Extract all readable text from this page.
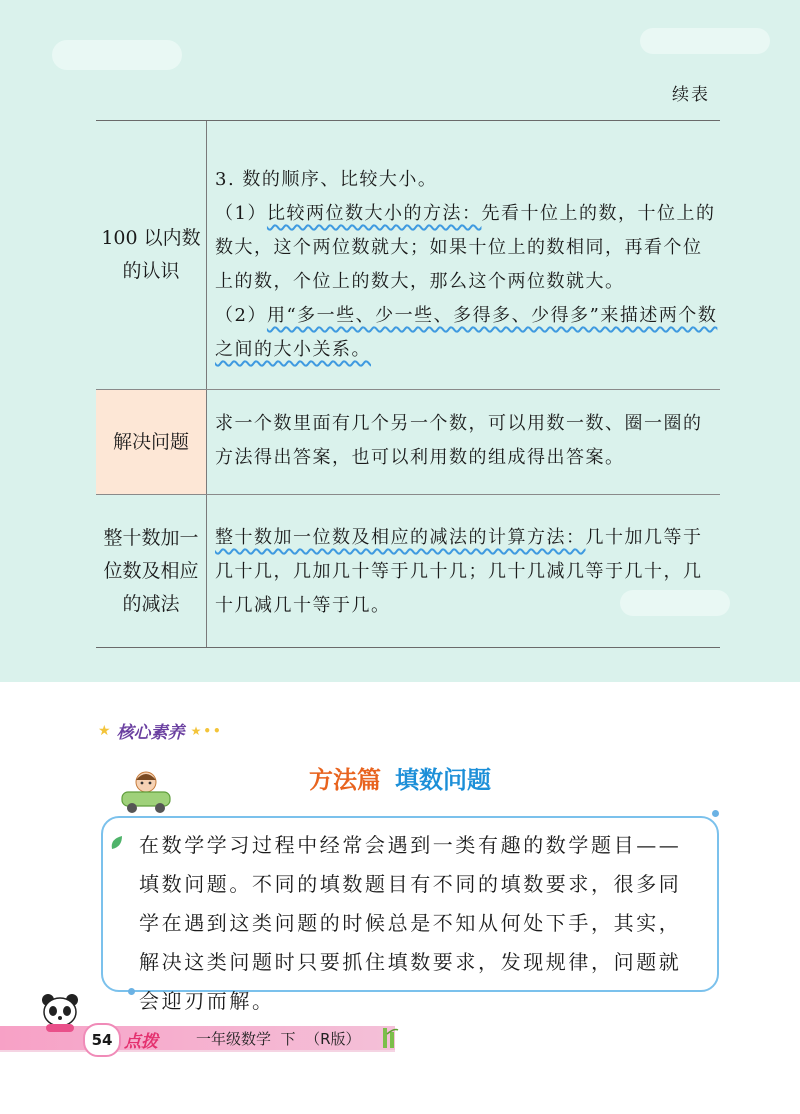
续表
100 以内数
的认识
3. 数的顺序、比较大小。
（1）比较两位数大小的方法：先看十位上的数，十位上的数大，这个两位数就大；如果十位上的数相同，再看个位上的数，个位上的数大，那么这个两位数就大。
（2）用“多一些、少一些、多得多、少得多”来描述两个数之间的大小关系。
解决问题
求一个数里面有几个另一个数，可以用数一数、圈一圈的方法得出答案，也可以利用数的组成得出答案。
整十数加一
位数及相应
的减法
整十数加一位数及相应的减法的计算方法：几十加几等于几十几，几加几十等于几十几；几十几减几等于几十，几十几减几十等于几。
★ 核心素养 ★••
方法篇 填数问题
在数学学习过程中经常会遇到一类有趣的数学题目——填数问题。不同的填数题目有不同的填数要求，很多同学在遇到这类问题的时候总是不知从何处下手，其实，解决这类问题时只要抓住填数要求，发现规律，问题就会迎刃而解。
54 点拨	一年级数学  下  （R版）
